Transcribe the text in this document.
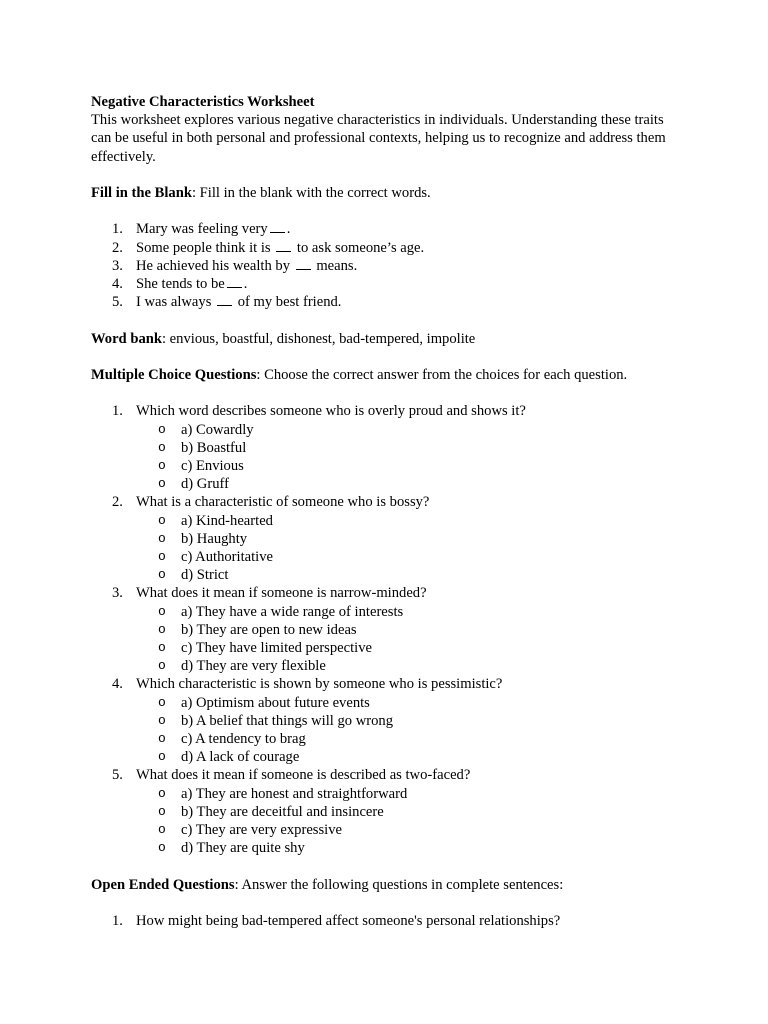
Negative Characteristics Worksheet

This worksheet explores various negative characteristics in individuals. Understanding these traits can be useful in both personal and professional contexts, helping us to recognize and address them effectively.

Fill in the Blank: Fill in the blank with the correct words.

1. Mary was feeling very .
2. Some people think it is to ask someone’s age.
3. He achieved his wealth by means.
4. She tends to be .
5. I was always of my best friend.

Word bank: envious, boastful, dishonest, bad-tempered, impolite

Multiple Choice Questions: Choose the correct answer from the choices for each question.

1. Which word describes someone who is overly proud and shows it?
o a) Cowardly
o b) Boastful
o c) Envious
o d) Gruff
2. What is a characteristic of someone who is bossy?
o a) Kind-hearted
o b) Haughty
o c) Authoritative
o d) Strict
3. What does it mean if someone is narrow-minded?
o a) They have a wide range of interests
o b) They are open to new ideas
o c) They have limited perspective
o d) They are very flexible
4. Which characteristic is shown by someone who is pessimistic?
o a) Optimism about future events
o b) A belief that things will go wrong
o c) A tendency to brag
o d) A lack of courage
5. What does it mean if someone is described as two-faced?
o a) They are honest and straightforward
o b) They are deceitful and insincere
o c) They are very expressive
o d) They are quite shy

Open Ended Questions: Answer the following questions in complete sentences:

1. How might being bad-tempered affect someone's personal relationships?
